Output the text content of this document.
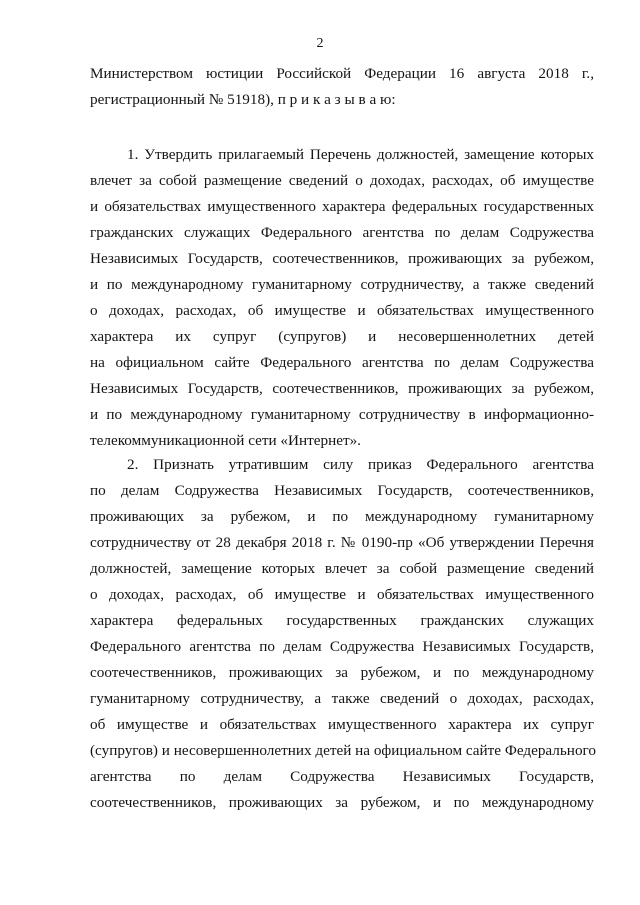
2
Министерством юстиции Российской Федерации 16 августа 2018 г.,
регистрационный № 51918), п р и к а з ы в а ю:
1. Утвердить прилагаемый Перечень должностей, замещение которых
влечет за собой размещение сведений о доходах, расходах, об имуществе
и обязательствах имущественного характера федеральных государственных
гражданских служащих Федерального агентства по делам Содружества
Независимых Государств, соотечественников, проживающих за рубежом,
и по международному гуманитарному сотрудничеству, а также сведений
о доходах, расходах, об имуществе и обязательствах имущественного
характера их супруг (супругов) и несовершеннолетних детей
на официальном сайте Федерального агентства по делам Содружества
Независимых Государств, соотечественников, проживающих за рубежом,
и по международному гуманитарному сотрудничеству в информационно-
телекоммуникационной сети «Интернет».
2. Признать утратившим силу приказ Федерального агентства
по делам Содружества Независимых Государств, соотечественников,
проживающих за рубежом, и по международному гуманитарному
сотрудничеству от 28 декабря 2018 г. № 0190-пр «Об утверждении Перечня
должностей, замещение которых влечет за собой размещение сведений
о доходах, расходах, об имуществе и обязательствах имущественного
характера федеральных государственных гражданских служащих
Федерального агентства по делам Содружества Независимых Государств,
соотечественников, проживающих за рубежом, и по международному
гуманитарному сотрудничеству, а также сведений о доходах, расходах,
об имуществе и обязательствах имущественного характера их супруг
(супругов) и несовершеннолетних детей на официальном сайте Федерального
агентства по делам Содружества Независимых Государств,
соотечественников, проживающих за рубежом, и по международному
